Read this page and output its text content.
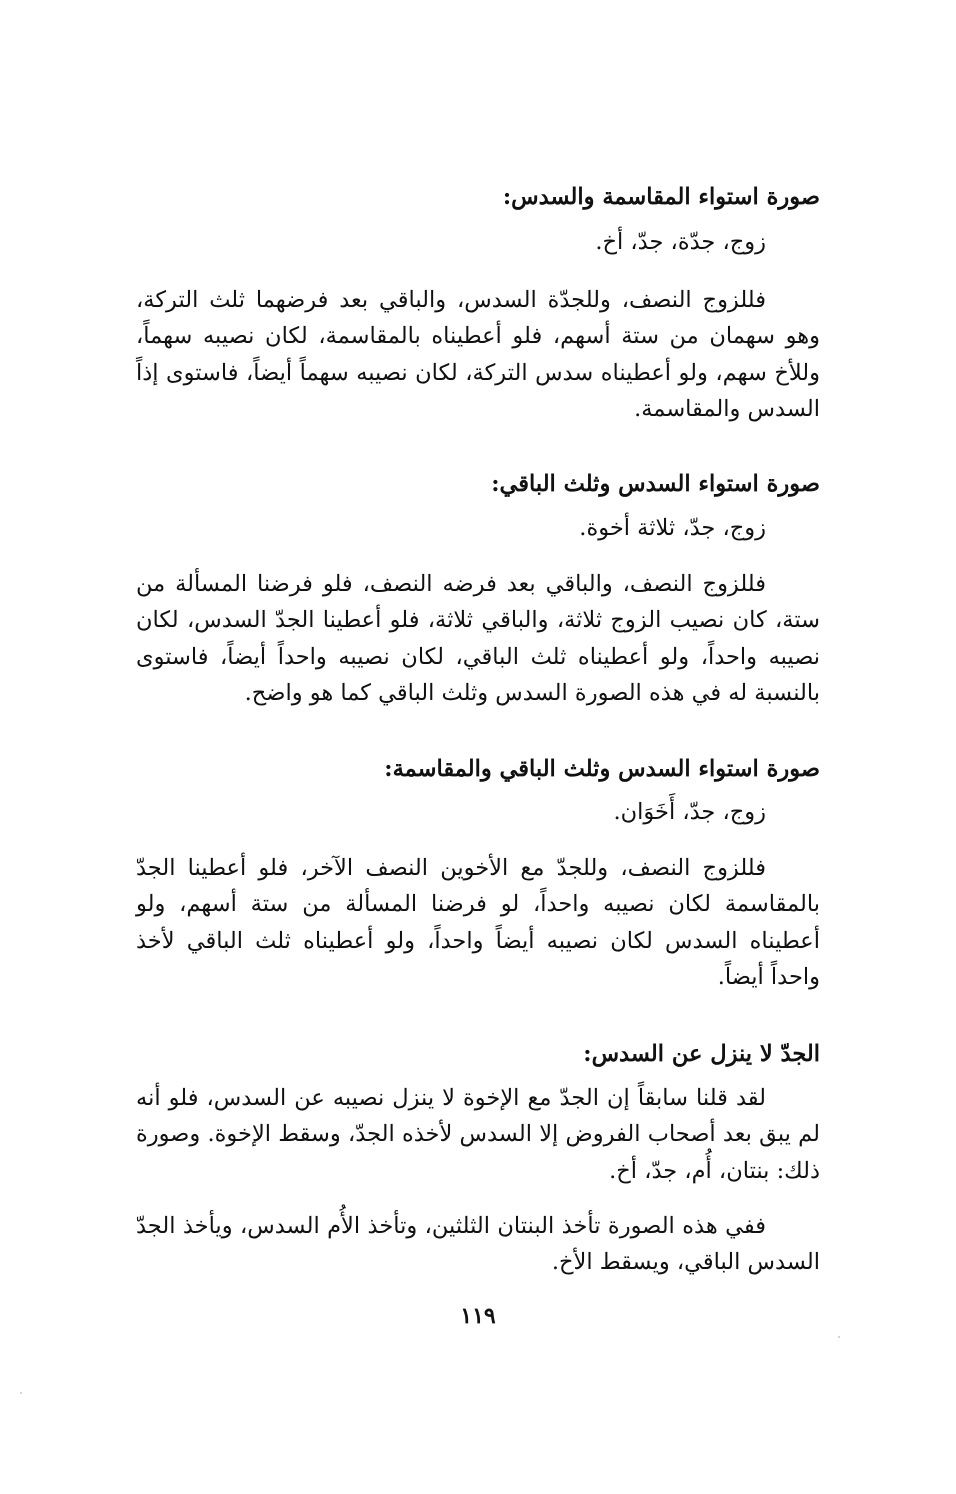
صورة استواء المقاسمة والسدس:
زوج، جدّة، جدّ، أخ.
فللزوج النصف، وللجدّة السدس، والباقي بعد فرضهما ثلث التركة، وهو سهمان من ستة أسهم، فلو أعطيناه بالمقاسمة، لكان نصيبه سهماً، وللأخ سهم، ولو أعطيناه سدس التركة، لكان نصيبه سهماً أيضاً، فاستوى إذاً السدس والمقاسمة.
صورة استواء السدس وثلث الباقي:
زوج، جدّ، ثلاثة أخوة.
فللزوج النصف، والباقي بعد فرضه النصف، فلو فرضنا المسألة من ستة، كان نصيب الزوج ثلاثة، والباقي ثلاثة، فلو أعطينا الجدّ السدس، لكان نصيبه واحداً، ولو أعطيناه ثلث الباقي، لكان نصيبه واحداً أيضاً، فاستوى بالنسبة له في هذه الصورة السدس وثلث الباقي كما هو واضح.
صورة استواء السدس وثلث الباقي والمقاسمة:
زوج، جدّ، أَخَوَان.
فللزوج النصف، وللجدّ مع الأخوين النصف الآخر، فلو أعطينا الجدّ بالمقاسمة لكان نصيبه واحداً، لو فرضنا المسألة من ستة أسهم، ولو أعطيناه السدس لكان نصيبه أيضاً واحداً، ولو أعطيناه ثلث الباقي لأخذ واحداً أيضاً.
الجدّ لا ينزل عن السدس:
لقد قلنا سابقاً إن الجدّ مع الإخوة لا ينزل نصيبه عن السدس، فلو أنه لم يبق بعد أصحاب الفروض إلا السدس لأخذه الجدّ، وسقط الإخوة. وصورة ذلك: بنتان، أُم، جدّ، أخ.
ففي هذه الصورة تأخذ البنتان الثلثين، وتأخذ الأُم السدس، ويأخذ الجدّ السدس الباقي، ويسقط الأخ.
١١٩
